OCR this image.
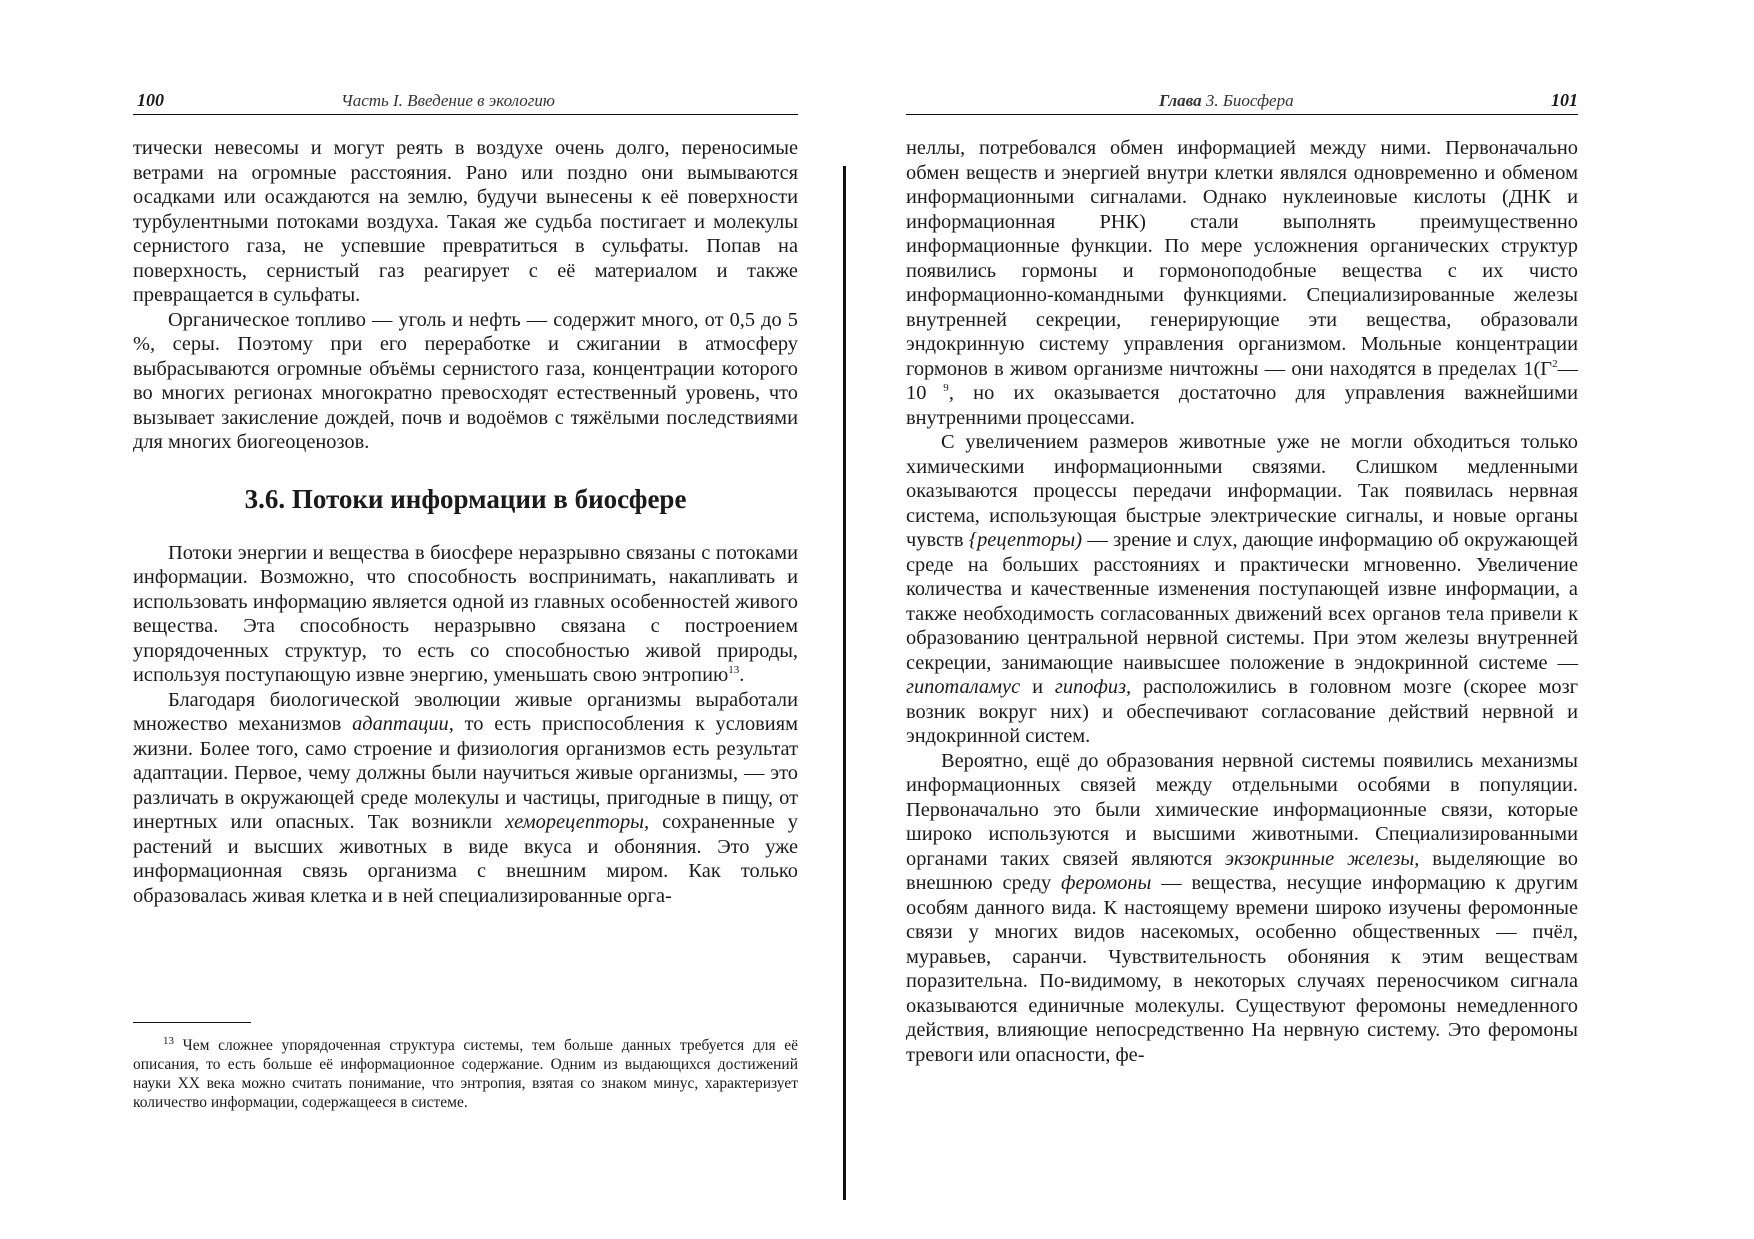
100	Часть I. Введение в экологию

тически невесомы и могут реять в воздухе очень долго, переносимые ветрами на огромные расстояния. Рано или поздно они вымываются осадками или осаждаются на землю, будучи вынесены к её поверхности турбулентными потоками воздуха. Такая же судьба постигает и молекулы сернистого газа, не успевшие превратиться в сульфаты. Попав на поверхность, сернистый газ реагирует с её материалом и также превращается в сульфаты.

Органическое топливо — уголь и нефть — содержит много, от 0,5 до 5 %, серы. Поэтому при его переработке и сжигании в атмосферу выбрасываются огромные объёмы сернистого газа, концентрации которого во многих регионах многократно превосходят естественный уровень, что вызывает закисление дождей, почв и водоёмов с тяжёлыми последствиями для многих биогеоценозов.

3.6. Потоки информации в биосфере

Потоки энергии и вещества в биосфере неразрывно связаны с потоками информации. Возможно, что способность воспринимать, накапливать и использовать информацию является одной из главных особенностей живого вещества. Эта способность неразрывно связана с построением упорядоченных структур, то есть со способностью живой природы, используя поступающую извне энергию, уменьшать свою энтропию$^{13}$.

Благодаря биологической эволюции живые организмы выработали множество механизмов адаптации, то есть приспособления к условиям жизни. Более того, само строение и физиология организмов есть результат адаптации. Первое, чему должны были научиться живые организмы, — это различать в окружающей среде молекулы и частицы, пригодные в пищу, от инертных или опасных. Так возникли хеморецепторы, сохраненные у растений и высших животных в виде вкуса и обоняния. Это уже информационная связь организма с внешним миром. Как только образовалась живая клетка и в ней специализированные орга-

$^{13}$ Чем сложнее упорядоченная структура системы, тем больше данных требуется для её описания, то есть больше её информационное содержание. Одним из выдающихся достижений науки XX века можно считать понимание, что энтропия, взятая со знаком минус, характеризует количество информации, содержащееся в системе.

Глава 3. Биосфера	101

неллы, потребовался обмен информацией между ними. Первоначально обмен веществ и энергией внутри клетки являлся одновременно и обменом информационными сигналами. Однако нуклеиновые кислоты (ДНК и информационная РНК) стали выполнять преимущественно информационные функции. По мере усложнения органических структур появились гормоны и гормоноподобные вещества с их чисто информационно-командными функциями. Специализированные железы внутренней секреции, генерирующие эти вещества, образовали эндокринную систему управления организмом. Мольные концентрации гормонов в живом организме ничтожны — они находятся в пределах $1(Г^2—10$ $^9$, но их оказывается достаточно для управления важнейшими внутренними процессами.

С увеличением размеров животные уже не могли обходиться только химическими информационными связями. Слишком медленными оказываются процессы передачи информации. Так появилась нервная система, использующая быстрые электрические сигналы, и новые органы чувств {рецепторы) — зрение и слух, дающие информацию об окружающей среде на больших расстояниях и практически мгновенно. Увеличение количества и качественные изменения поступающей извне информации, а также необходимость согласованных движений всех органов тела привели к образованию центральной нервной системы. При этом железы внутренней секреции, занимающие наивысшее положение в эндокринной системе — гипоталамус и гипофиз, расположились в головном мозге (скорее мозг возник вокруг них) и обеспечивают согласование действий нервной и эндокринной систем.

Вероятно, ещё до образования нервной системы появились механизмы информационных связей между отдельными особями в популяции. Первоначально это были химические информационные связи, которые широко используются и высшими животными. Специализированными органами таких связей являются экзокринные железы, выделяющие во внешнюю среду феромоны — вещества, несущие информацию к другим особям данного вида. К настоящему времени широко изучены феромонные связи у многих видов насекомых, особенно общественных — пчёл, муравьев, саранчи. Чувствительность обоняния к этим веществам поразительна. По-видимому, в некоторых случаях переносчиком сигнала оказываются единичные молекулы. Существуют феромоны немедленного действия, влияющие непосредственно На нервную систему. Это феромоны тревоги или опасности, фе-
